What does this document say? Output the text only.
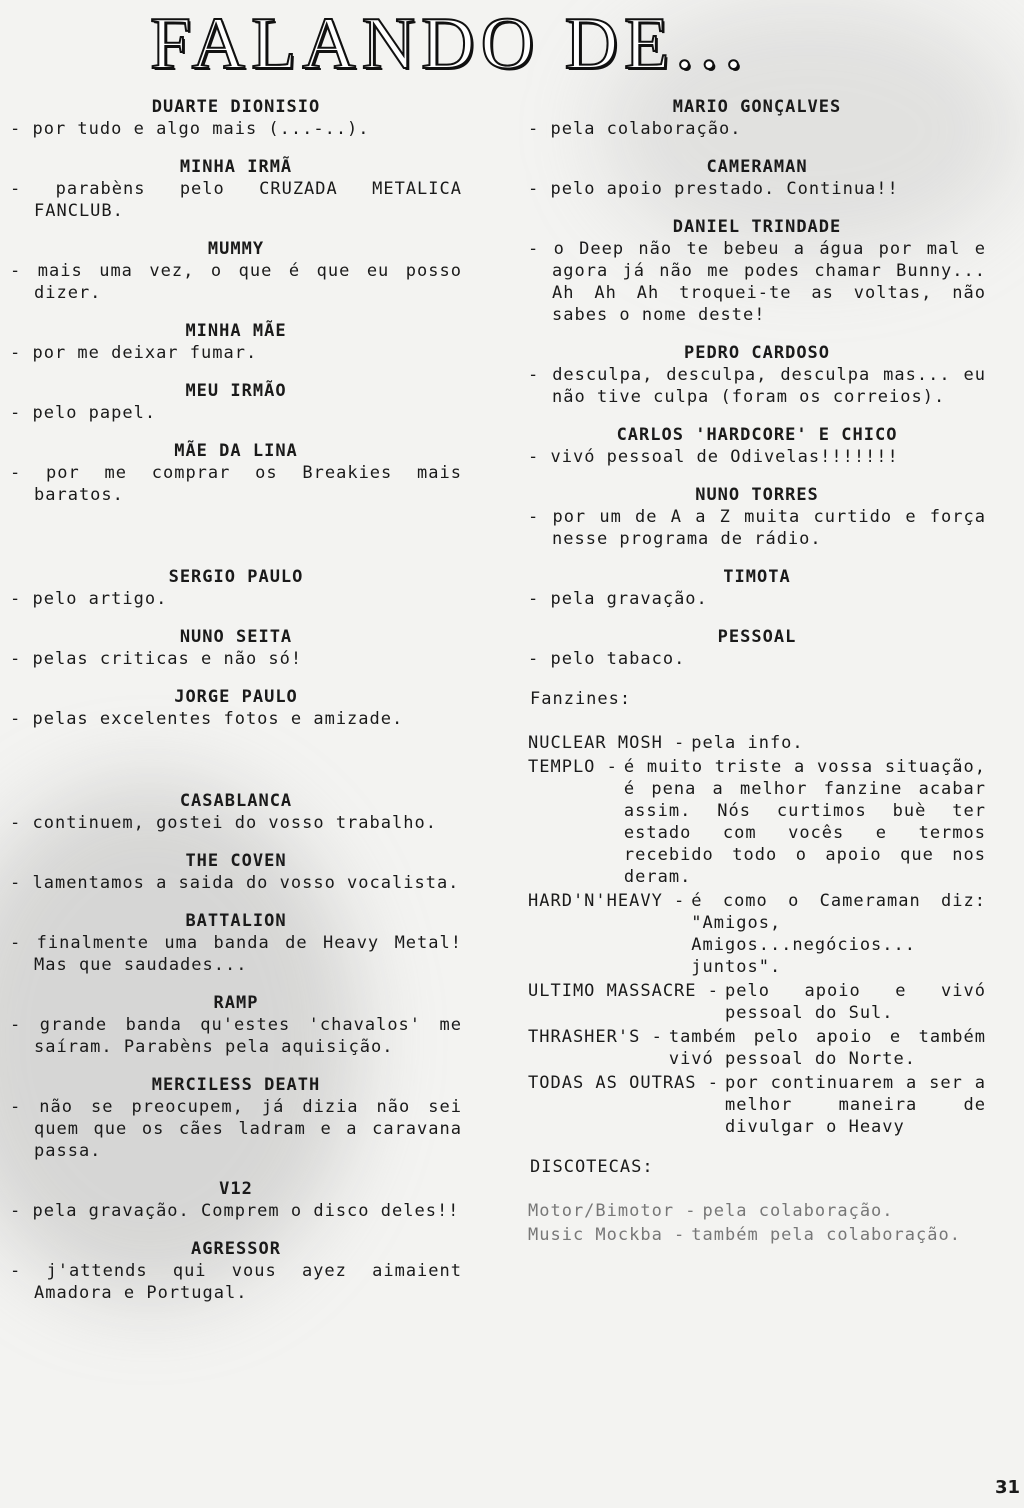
FALANDO DE...
DUARTE DIONISIO
- por tudo e algo mais (...-..).
MINHA IRMÃ
- parabèns pelo CRUZADA METALICA FANCLUB.
MUMMY
- mais uma vez, o que é que eu posso dizer.
MINHA MÃE
- por me deixar fumar.
MEU IRMÃO
- pelo papel.
MÃE DA LINA
- por me comprar os Breakies mais baratos.
SERGIO PAULO
- pelo artigo.
NUNO SEITA
- pelas criticas e não só!
JORGE PAULO
- pelas excelentes fotos e amizade.
CASABLANCA
- continuem, gostei do vosso trabalho.
THE COVEN
- lamentamos a saida do vosso vocalista.
BATTALION
- finalmente uma banda de Heavy Metal! Mas que saudades...
RAMP
- grande banda qu'estes 'chavalos' me saíram. Parabèns pela aquisição.
MERCILESS DEATH
- não se preocupem, já dizia não sei quem que os cães ladram e a caravana passa.
V12
- pela gravação. Comprem o disco deles!!
AGRESSOR
- j'attends qui vous ayez aimaient Amadora e Portugal.
MARIO GONÇALVES
- pela colaboração.
CAMERAMAN
- pelo apoio prestado. Continua!!
DANIEL TRINDADE
- o Deep não te bebeu a água por mal e agora já não me podes chamar Bunny... Ah Ah Ah troquei-te as voltas, não sabes o nome deste!
PEDRO CARDOSO
- desculpa, desculpa, desculpa mas... eu não tive culpa (foram os correios).
CARLOS 'HARDCORE' E CHICO
- vivó pessoal de Odivelas!!!!!!!
NUNO TORRES
- por um de A a Z muita curtido e força nesse programa de rádio.
TIMOTA
- pela gravação.
PESSOAL
- pelo tabaco.
Fanzines:
NUCLEAR MOSH - pela info.
TEMPLO - é muito triste a vossa situação, é pena a melhor fanzine acabar assim. Nós curtimos buè ter estado com vocês e termos recebido todo o apoio que nos deram.
HARD'N'HEAVY - é como o Cameraman diz: "Amigos, Amigos...negócios... juntos".
ULTIMO MASSACRE - pelo apoio e vivó pessoal do Sul.
THRASHER'S - também pelo apoio e também vivó pessoal do Norte.
TODAS AS OUTRAS - por continuarem a ser a melhor maneira de divulgar o Heavy
DISCOTECAS:
Motor/Bimotor - pela colaboração.
Music Mockba - também pela colaboração.
31
